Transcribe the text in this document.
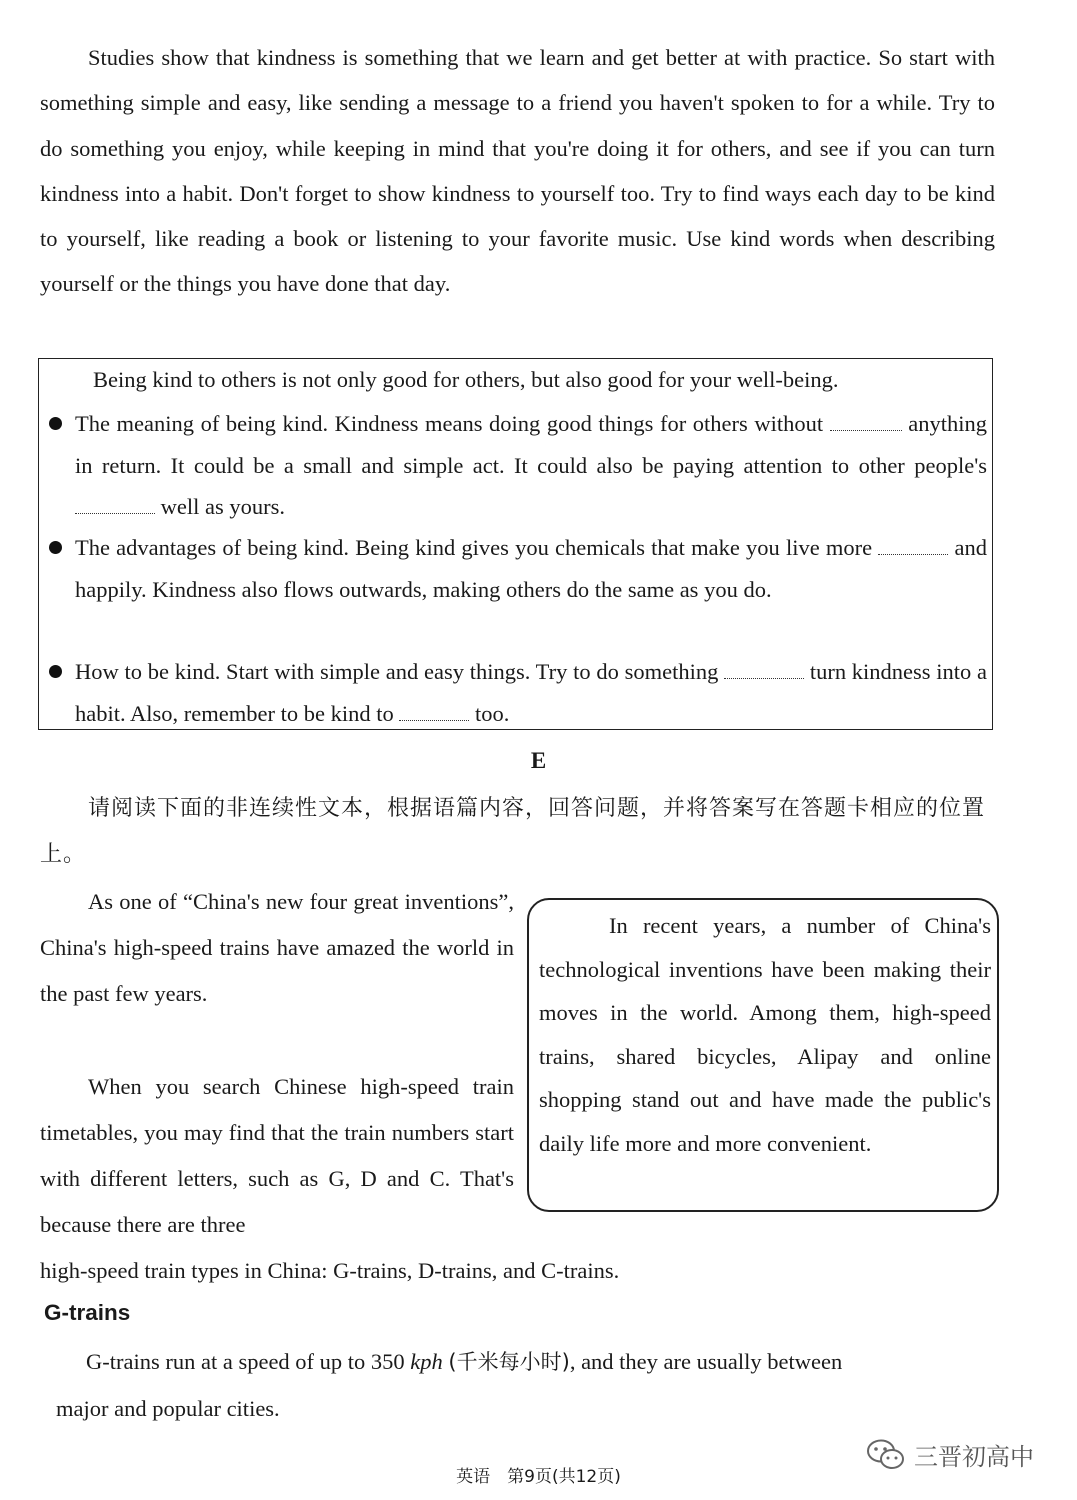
Studies show that kindness is something that we learn and get better at with practice. So start with something simple and easy, like sending a message to a friend you haven't spoken to for a while. Try to do something you enjoy, while keeping in mind that you're doing it for others, and see if you can turn kindness into a habit. Don't forget to show kindness to yourself too. Try to find ways each day to be kind to yourself, like reading a book or listening to your favorite music. Use kind words when describing yourself or the things you have done that day.

Being kind to others is not only good for others, but also good for your well-being.

The meaning of being kind. Kindness means doing good things for others without	anything in return. It could be a small and simple act. It could also be paying attention to other people's  well as yours.
The advantages of being kind. Being kind gives you chemicals that make you live more	and happily. Kindness also flows outwards, making others do the same as you do.
How to be kind. Start with simple and easy things. Try to do something	turn kindness into a habit. Also, remember to be kind to	too.

E

请阅读下面的非连续性文本，根据语篇内容，回答问题，并将答案写在答题卡相应的位置上。

As one of “China's new four great inventions”, China's high-speed trains have amazed the world in the past few years.

When you search Chinese high-speed train timetables, you may find that the train numbers start with different letters, such as G, D and C. That's because there are three

In recent years, a number of China's technological inventions have been making their moves in the world. Among them, high-speed trains, shared bicycles, Alipay and online shopping stand out and have made the public's daily life more and more convenient.

high-speed train types in China: G-trains, D-trains, and C-trains.

G-trains

G-trains run at a speed of up to 350 kph (千米每小时), and they are usually between

major and popular cities.

英语　第9页(共12页)

三晋初高中
